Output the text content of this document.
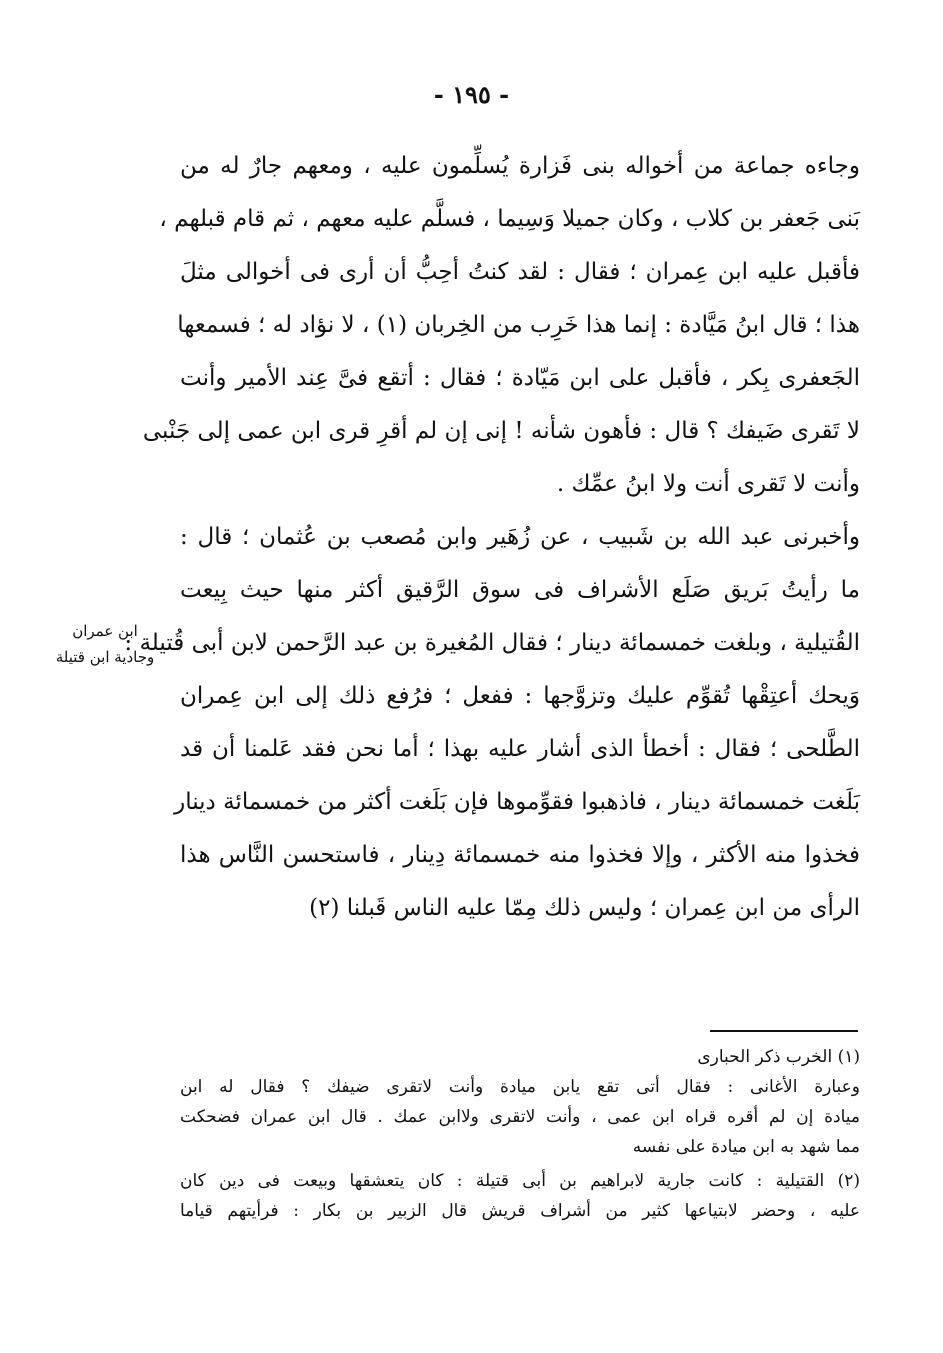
- ١٩٥ -
وجاءه جماعة من أخواله بنى فَزارة يُسلِّمون عليه ، ومعهم جارٌ له من
بَنى جَعفر بن كلاب ، وكان جميلا وَسِيما ، فسلَّم عليه معهم ، ثم قام قبلهم ،
فأقبل عليه ابن عِمران ؛ فقال : لقد كنتُ أحِبُّ أن أرى فى أخوالى مثلَ
هذا ؛ قال ابنُ مَيَّادة : إنما هذا خَرِب من الخِربان (١) ، لا نؤاد له ؛ فسمعها
الجَعفرى بِكر ، فأقبل على ابن مَيّادة ؛ فقال : أتقع فىَّ عِند الأمير وأنت
لا تَقرى ضَيفك ؟ قال : فأهون شأنه ! إنى إن لم أقرِ قرى ابن عمى إلى جَنْبى
وأنت لا تَقرى أنت ولا ابنُ عمِّك .
وأخبرنى عبد الله بن شَبيب ، عن زُهَير وابن مُصعب بن عُثمان ؛ قال :
ما رأيتُ بَريق صَلَع الأشراف فى سوق الرَّقيق أكثر منها حيث بِيعت
القُتيلية ، وبلغت خمسمائة دينار ؛ فقال المُغيرة بن عبد الرَّحمن لابن أبى قُتيلة :
وَيحك أعتِقْها تُقوِّم عليك وتزوَّجها : ففعل ؛ فرُفع ذلك إلى ابن عِمران
الطَّلحى ؛ فقال : أخطأ الذى أشار عليه بهذا ؛ أما نحن فقد عَلمنا أن قد
بَلَغت خمسمائة دينار ، فاذهبوا فقوِّموها فإن بَلَغت أكثر من خمسمائة دينار
فخذوا منه الأكثر ، وإلا فخذوا منه خمسمائة دِينار ، فاستحسن النَّاس هذا
الرأى من ابن عِمران ؛ وليس ذلك مِمّا عليه الناس قَبلنا (٢)
ابن عمران
وجادية ابن قتيلة
(١) الخرب ذكر الحبارى
وعبارة الأغانى : فقال أتى تقع يابن ميادة وأنت لاتقرى ضيفك ؟ فقال له ابن
ميادة إن لم أقره قراه ابن عمى ، وأنت لاتقرى ولاابن عمك . قال ابن عمران فضحكت
مما شهد به ابن ميادة على نفسه
(٢) القتيلية : كانت جارية لابراهيم بن أبى قتيلة : كان يتعشقها وبيعت فى دين كان
عليه ، وحضر لابتياعها كثير من أشراف قريش قال الزبير بن بكار : فرأيتهم قياما
